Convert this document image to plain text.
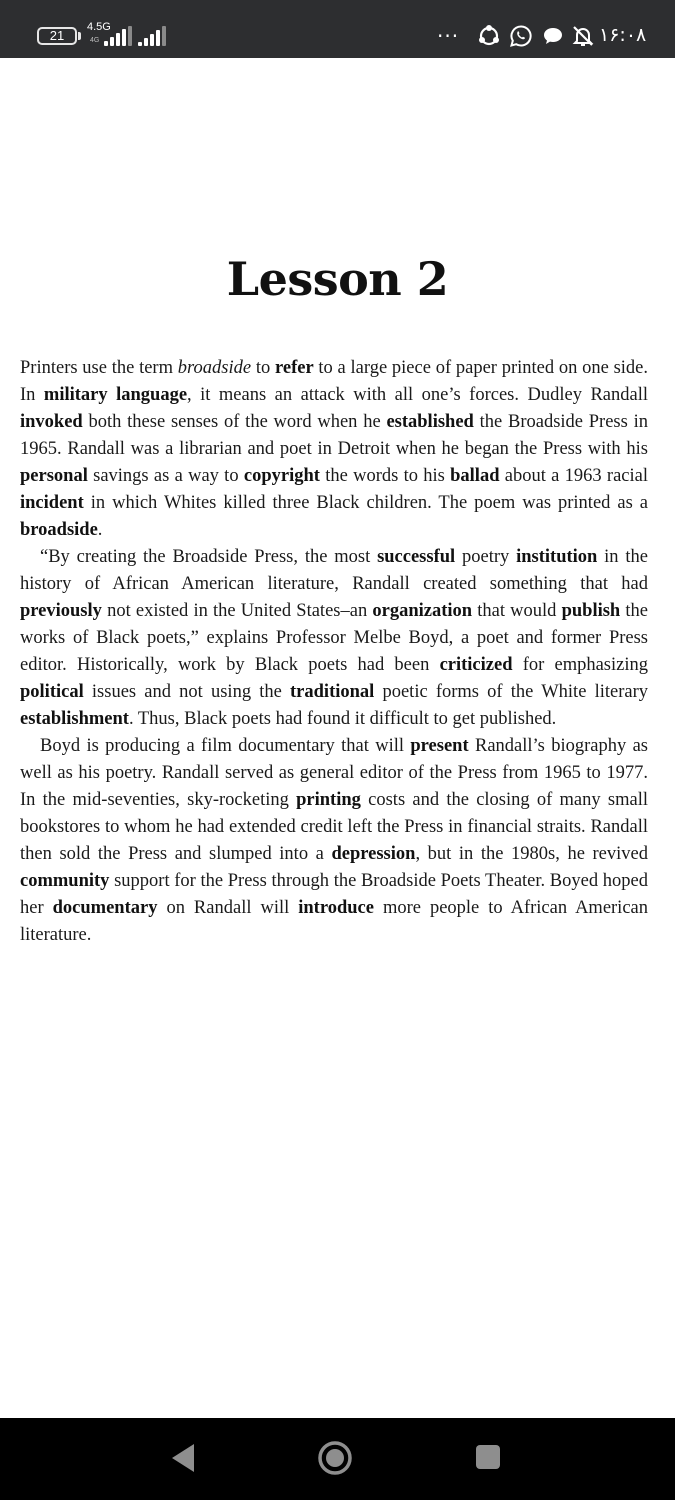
21
4.5G
4G	···	١۶:٠٨
Lesson 2

Printers use the term broadside to refer to a large piece of paper printed on one side. In military language, it means an attack with all one’s forces. Dudley Randall invoked both these senses of the word when he established the Broadside Press in 1965. Randall was a librarian and poet in Detroit when he began the Press with his personal savings as a way to copyright the words to his ballad about a 1963 racial incident in which Whites killed three Black children. The poem was printed as a broadside.

“By creating the Broadside Press, the most successful poetry institution in the history of African American literature, Randall created something that had previously not existed in the United States–an organization that would publish the works of Black poets,” explains Professor Melbe Boyd, a poet and former Press editor. Historically, work by Black poets had been criticized for emphasizing political issues and not using the traditional poetic forms of the White literary establishment. Thus, Black poets had found it difficult to get published.

Boyd is producing a film documentary that will present Randall’s biography as well as his poetry. Randall served as general editor of the Press from 1965 to 1977. In the mid-seventies, sky-rocketing printing costs and the closing of many small bookstores to whom he had extended credit left the Press in financial straits. Randall then sold the Press and slumped into a depression, but in the 1980s, he revived community support for the Press through the Broadside Poets Theater. Boyed hoped her documentary on Randall will introduce more people to African American literature.
